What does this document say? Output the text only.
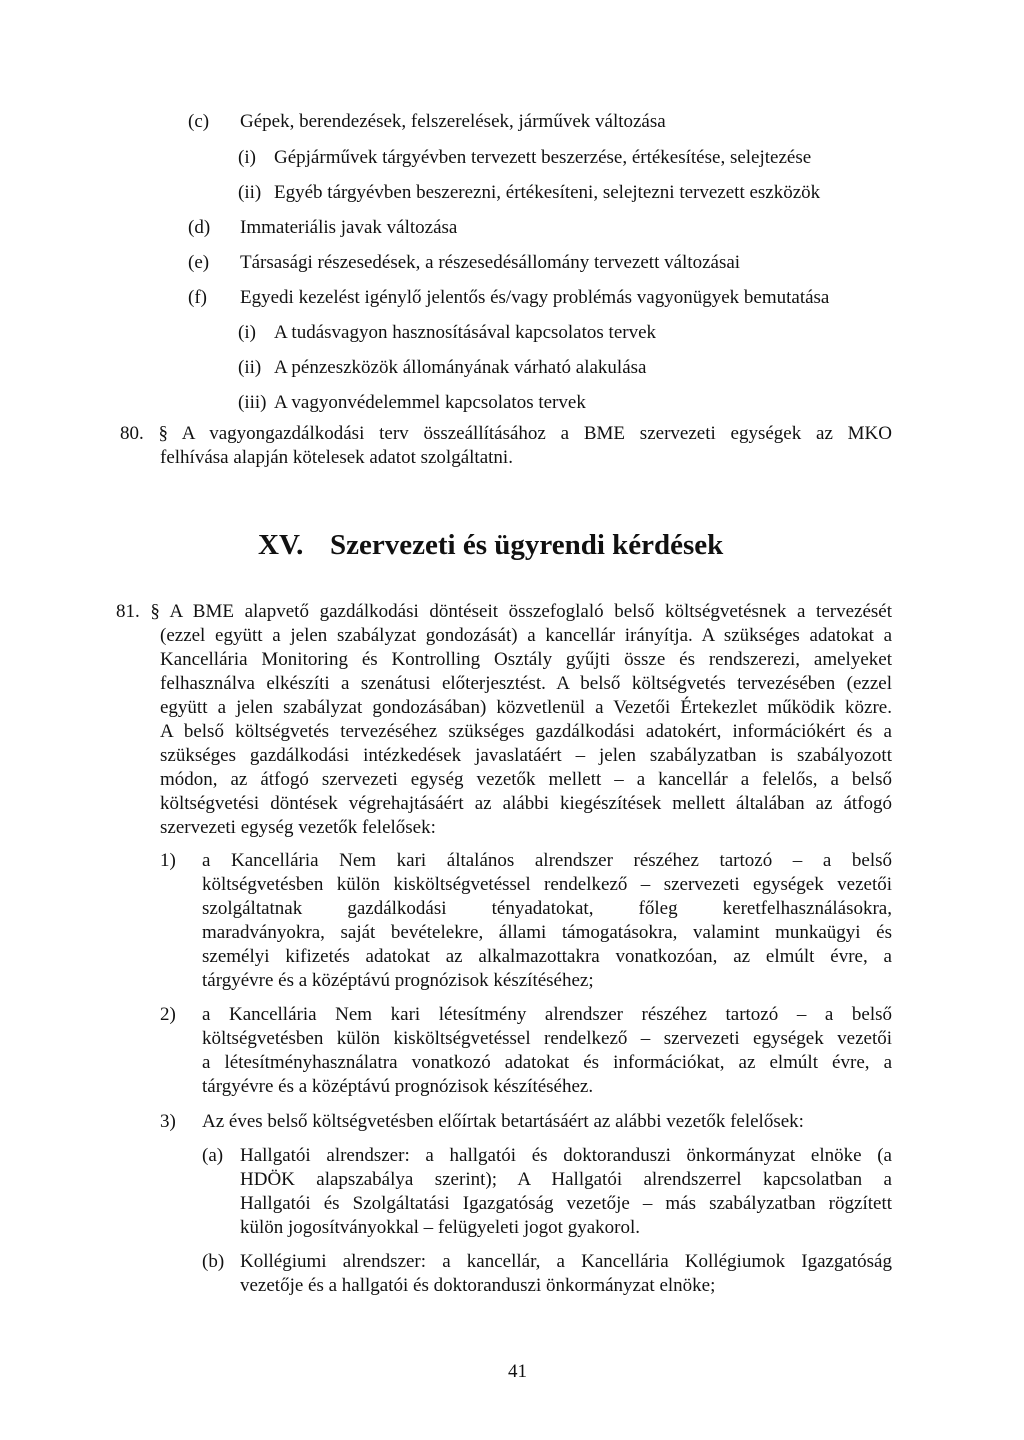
(c) Gépek, berendezések, felszerelések, járművek változása
(i) Gépjárművek tárgyévben tervezett beszerzése, értékesítése, selejtezése
(ii) Egyéb tárgyévben beszerezni, értékesíteni, selejtezni tervezett eszközök
(d) Immateriális javak változása
(e) Társasági részesedések, a részesedésállomány tervezett változásai
(f) Egyedi kezelést igénylő jelentős és/vagy problémás vagyonügyek bemutatása
(i) A tudásvagyon hasznosításával kapcsolatos tervek
(ii) A pénzeszközök állományának várható alakulása
(iii) A vagyonvédelemmel kapcsolatos tervek
80. § A vagyongazdálkodási terv összeállításához a BME szervezeti egységek az MKO
felhívása alapján kötelesek adatot szolgáltatni.
XV. Szervezeti és ügyrendi kérdések
81. § A BME alapvető gazdálkodási döntéseit összefoglaló belső költségvetésnek a tervezését
(ezzel együtt a jelen szabályzat gondozását) a kancellár irányítja. A szükséges adatokat a
Kancellária Monitoring és Kontrolling Osztály gyűjti össze és rendszerezi, amelyeket
felhasználva elkészíti a szenátusi előterjesztést. A belső költségvetés tervezésében (ezzel
együtt a jelen szabályzat gondozásában) közvetlenül a Vezetői Értekezlet működik közre.
A belső költségvetés tervezéséhez szükséges gazdálkodási adatokért, információkért és a
szükséges gazdálkodási intézkedések javaslatáért – jelen szabályzatban is szabályozott
módon, az átfogó szervezeti egység vezetők mellett – a kancellár a felelős, a belső
költségvetési döntések végrehajtásáért az alábbi kiegészítések mellett általában az átfogó
szervezeti egység vezetők felelősek:
1) a Kancellária Nem kari általános alrendszer részéhez tartozó – a belső
költségvetésben külön kisköltségvetéssel rendelkező – szervezeti egységek vezetői
szolgáltatnak gazdálkodási tényadatokat, főleg keretfelhasználásokra,
maradványokra, saját bevételekre, állami támogatásokra, valamint munkaügyi és
személyi kifizetés adatokat az alkalmazottakra vonatkozóan, az elmúlt évre, a
tárgyévre és a középtávú prognózisok készítéséhez;
2) a Kancellária Nem kari létesítmény alrendszer részéhez tartozó – a belső
költségvetésben külön kisköltségvetéssel rendelkező – szervezeti egységek vezetői
a létesítményhasználatra vonatkozó adatokat és információkat, az elmúlt évre, a
tárgyévre és a középtávú prognózisok készítéséhez.
3) Az éves belső költségvetésben előírtak betartásáért az alábbi vezetők felelősek:
(a) Hallgatói alrendszer: a hallgatói és doktoranduszi önkormányzat elnöke (a
HDÖK alapszabálya szerint); A Hallgatói alrendszerrel kapcsolatban a
Hallgatói és Szolgáltatási Igazgatóság vezetője – más szabályzatban rögzített
külön jogosítványokkal – felügyeleti jogot gyakorol.
(b) Kollégiumi alrendszer: a kancellár, a Kancellária Kollégiumok Igazgatóság
vezetője és a hallgatói és doktoranduszi önkormányzat elnöke;
41
